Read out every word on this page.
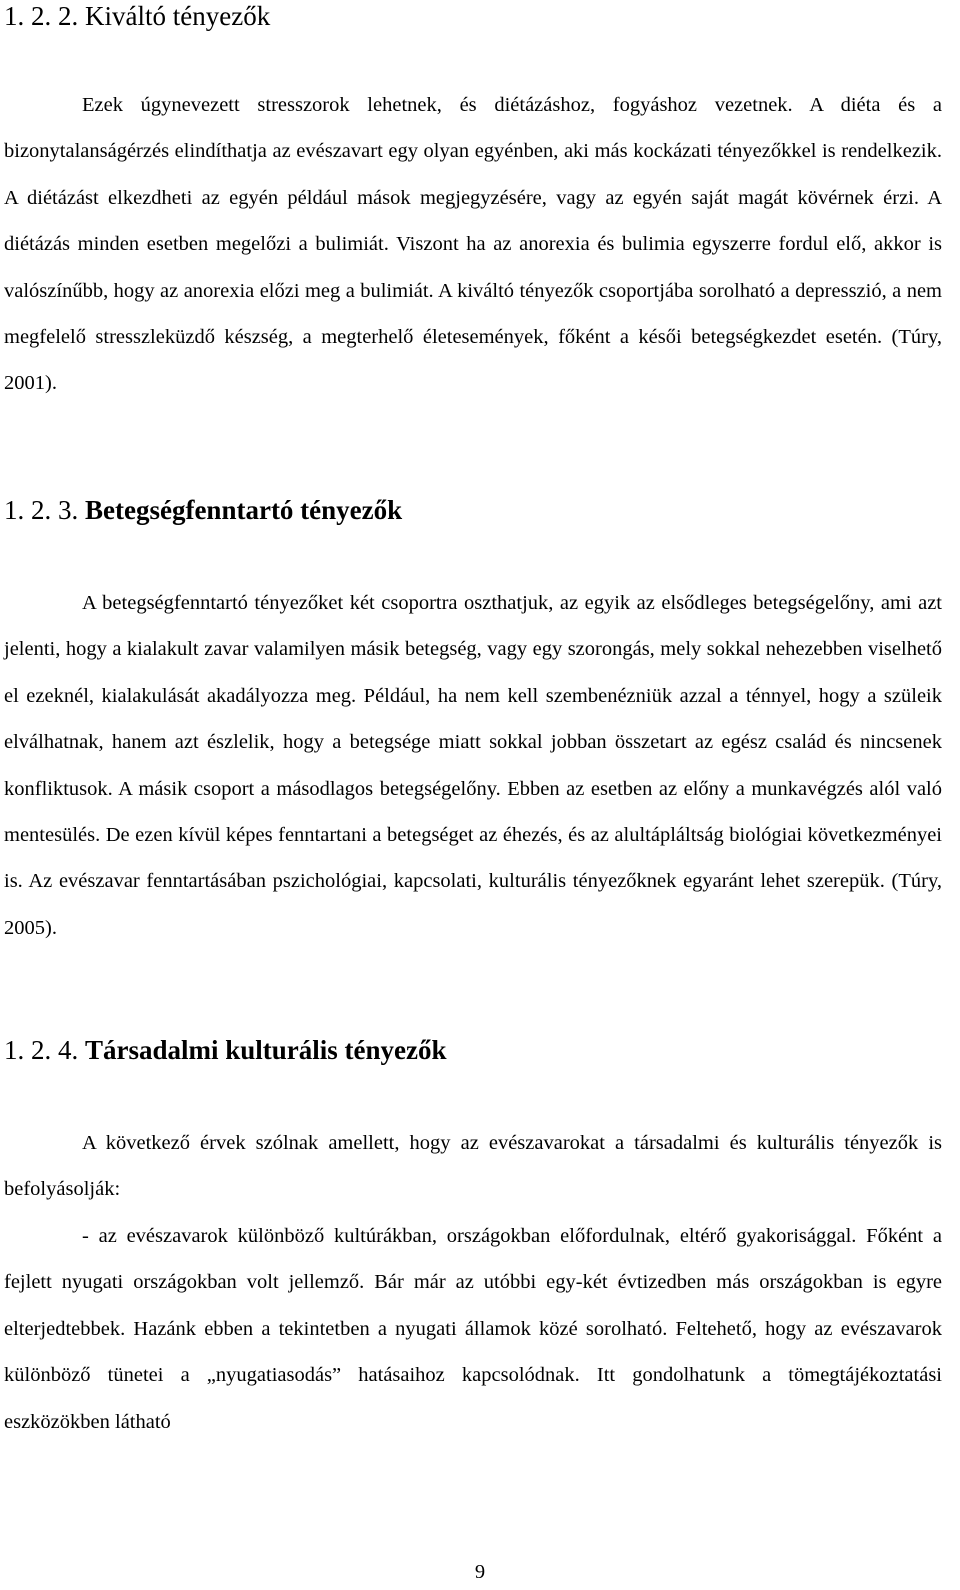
1. 2. 2. Kiváltó tényezők

Ezek úgynevezett stresszorok lehetnek, és diétázáshoz, fogyáshoz vezetnek. A diéta és a bizonytalanságérzés elindíthatja az evészavart egy olyan egyénben, aki más kockázati tényezőkkel is rendelkezik. A diétázást elkezdheti az egyén például mások megjegyzésére, vagy az egyén saját magát kövérnek érzi. A diétázás minden esetben megelőzi a bulimiát. Viszont ha az anorexia és bulimia egyszerre fordul elő, akkor is valószínűbb, hogy az anorexia előzi meg a bulimiát. A kiváltó tényezők csoportjába sorolható a depresszió, a nem megfelelő stresszleküzdő készség, a megterhelő életesemények, főként a késői betegségkezdet esetén. (Túry, 2001).

1. 2. 3. Betegségfenntartó tényezők

A betegségfenntartó tényezőket két csoportra oszthatjuk, az egyik az elsődleges betegségelőny, ami azt jelenti, hogy a kialakult zavar valamilyen másik betegség, vagy egy szorongás, mely sokkal nehezebben viselhető el ezeknél, kialakulását akadályozza meg. Például, ha nem kell szembenézniük azzal a ténnyel, hogy a szüleik elválhatnak, hanem azt észlelik, hogy a betegsége miatt sokkal jobban összetart az egész család és nincsenek konfliktusok. A másik csoport a másodlagos betegségelőny. Ebben az esetben az előny a munkavégzés alól való mentesülés. De ezen kívül képes fenntartani a betegséget az éhezés, és az alultápláltság biológiai következményei is. Az evészavar fenntartásában pszichológiai, kapcsolati, kulturális tényezőknek egyaránt lehet szerepük. (Túry, 2005).

1. 2. 4. Társadalmi kulturális tényezők

A következő érvek szólnak amellett, hogy az evészavarokat a társadalmi és kulturális tényezők is befolyásolják:

- az evészavarok különböző kultúrákban, országokban előfordulnak, eltérő gyakorisággal. Főként a fejlett nyugati országokban volt jellemző. Bár már az utóbbi egy-két évtizedben más országokban is egyre elterjedtebbek. Hazánk ebben a tekintetben a nyugati államok közé sorolható. Feltehető, hogy az evészavarok különböző tünetei a „nyugatiasodás” hatásaihoz kapcsolódnak. Itt gondolhatunk a tömegtájékoztatási eszközökben látható

9
